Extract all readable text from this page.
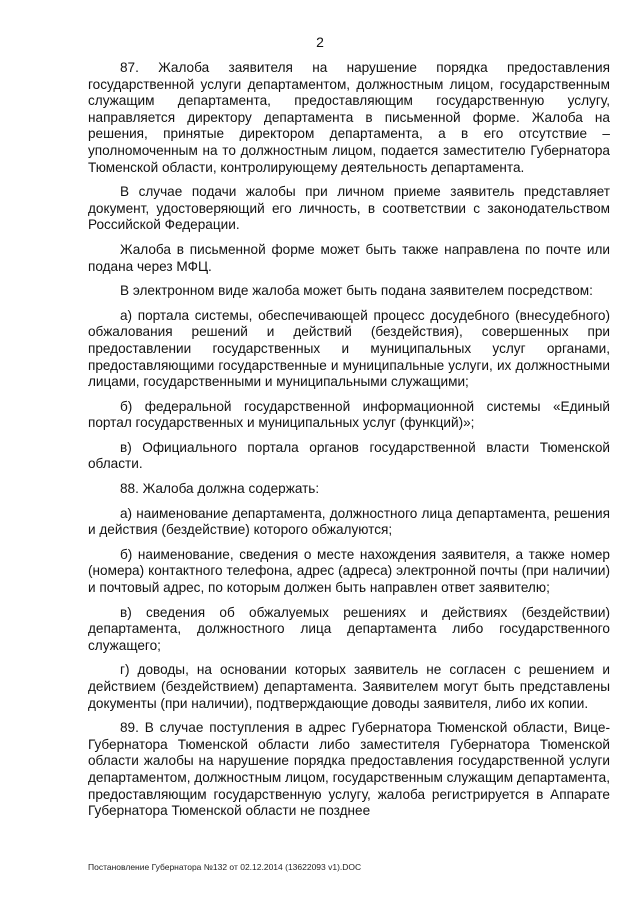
2

87. Жалоба заявителя на нарушение порядка предоставления государственной услуги департаментом, должностным лицом, государственным служащим департамента, предоставляющим государственную услугу, направляется директору департамента в письменной форме. Жалоба на решения, принятые директором департамента, а в его отсутствие – уполномоченным на то должностным лицом, подается заместителю Губернатора Тюменской области, контролирующему деятельность департамента.

В случае подачи жалобы при личном приеме заявитель представляет документ, удостоверяющий его личность, в соответствии с законодательством Российской Федерации.

Жалоба в письменной форме может быть также направлена по почте или подана через МФЦ.

В электронном виде жалоба может быть подана заявителем посредством:

а) портала системы, обеспечивающей процесс досудебного (внесудебного) обжалования решений и действий (бездействия), совершенных при предоставлении государственных и муниципальных услуг органами, предоставляющими государственные и муниципальные услуги, их должностными лицами, государственными и муниципальными служащими;

б) федеральной государственной информационной системы «Единый портал государственных и муниципальных услуг (функций)»;

в) Официального портала органов государственной власти Тюменской области.

88. Жалоба должна содержать:

а) наименование департамента, должностного лица департамента, решения и действия (бездействие) которого обжалуются;

б) наименование, сведения о месте нахождения заявителя, а также номер (номера) контактного телефона, адрес (адреса) электронной почты (при наличии) и почтовый адрес, по которым должен быть направлен ответ заявителю;

в) сведения об обжалуемых решениях и действиях (бездействии) департамента, должностного лица департамента либо государственного служащего;

г) доводы, на основании которых заявитель не согласен с решением и действием (бездействием) департамента. Заявителем могут быть представлены документы (при наличии), подтверждающие доводы заявителя, либо их копии.

89. В случае поступления в адрес Губернатора Тюменской области, Вице-Губернатора Тюменской области либо заместителя Губернатора Тюменской области жалобы на нарушение порядка предоставления государственной услуги департаментом, должностным лицом, государственным служащим департамента, предоставляющим государственную услугу, жалоба регистрируется в Аппарате Губернатора Тюменской области не позднее

Постановление Губернатора №132 от 02.12.2014 (13622093 v1).DOC
